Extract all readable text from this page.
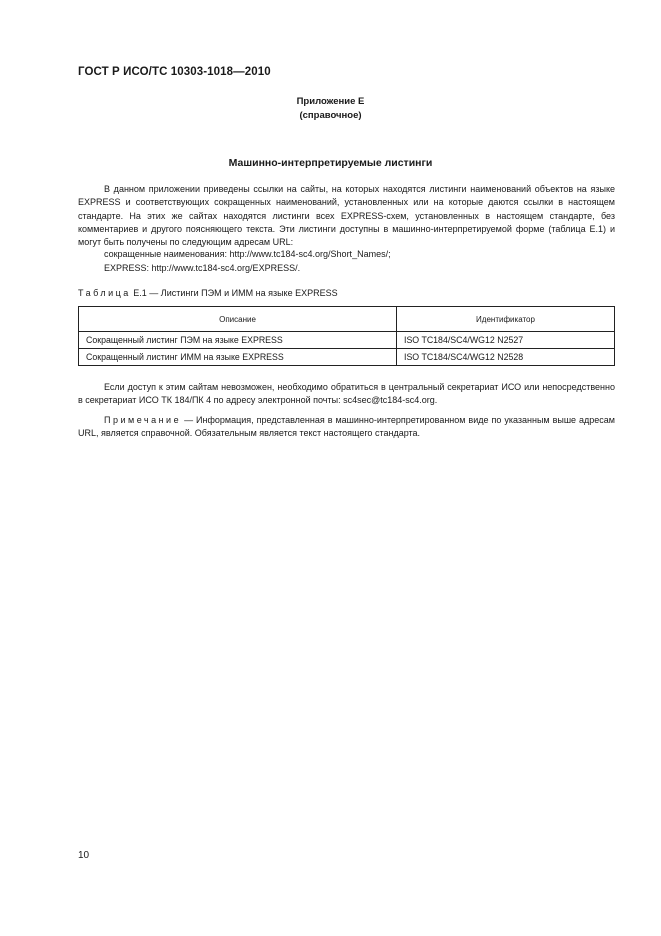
ГОСТ Р ИСО/ТС 10303-1018—2010
Приложение Е
(справочное)
Машинно-интерпретируемые листинги

В данном приложении приведены ссылки на сайты, на которых находятся листинги наименований объектов на языке EXPRESS и соответствующих сокращенных наименований, установленных или на которые даются ссылки в настоящем стандарте. На этих же сайтах находятся листинги всех EXPRESS-схем, установленных в настоящем стандарте, без комментариев и другого поясняющего текста. Эти листинги доступны в машинно-интерпретируемой форме (таблица Е.1) и могут быть получены по следующим адресам URL:

сокращенные наименования: http://www.tc184-sc4.org/Short_Names/;
EXPRESS: http://www.tc184-sc4.org/EXPRESS/.
Таблица Е.1 — Листинги ПЭМ и ИММ на языке EXPRESS
Описание	Идентификатор
Сокращенный листинг ПЭМ на языке EXPRESS	ISO TC184/SC4/WG12 N2527
Сокращенный листинг ИММ на языке EXPRESS	ISO TC184/SC4/WG12 N2528

Если доступ к этим сайтам невозможен, необходимо обратиться в центральный секретариат ИСО или непосредственно в секретариат ИСО ТК 184/ПК 4 по адресу электронной почты: sc4sec@tc184-sc4.org.

Примечание — Информация, представленная в машинно-интерпретированном виде по указанным выше адресам URL, является справочной. Обязательным является текст настоящего стандарта.

10
